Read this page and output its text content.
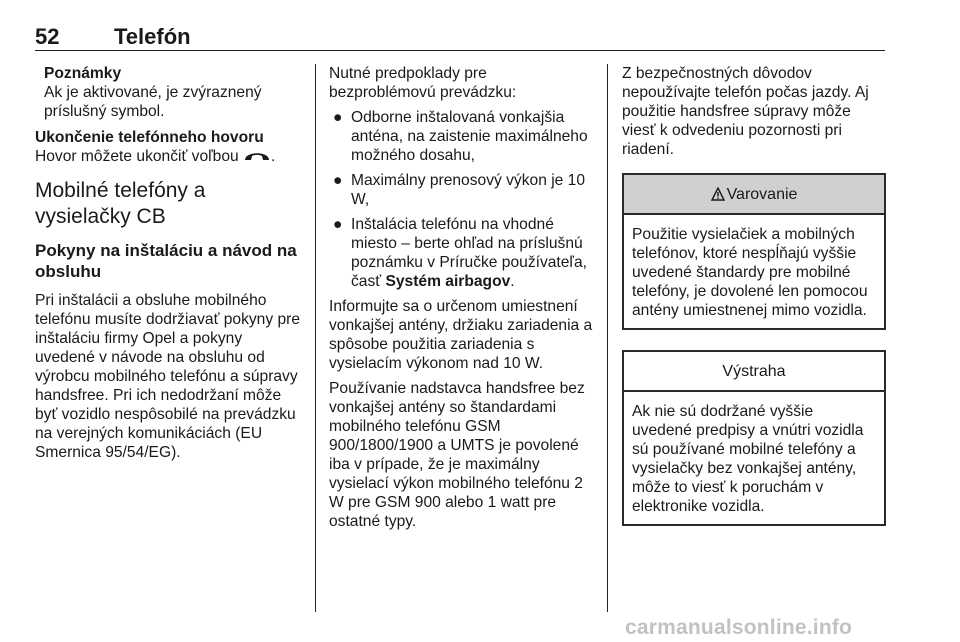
52 Telefón
Poznámky
Ak je aktivované, je zvýraznený príslušný symbol.
Ukončenie telefónneho hovoru

Hovor môžete ukončiť voľbou .

Mobilné telefóny a vysielačky CB
Pokyny na inštaláciu a návod na obsluhu

Pri inštalácii a obsluhe mobilného telefónu musíte dodržiavať pokyny pre inštaláciu firmy Opel a pokyny uvedené v návode na obsluhu od výrobcu mobilného telefónu a súpravy handsfree. Pri ich nedodržaní môže byť vozidlo nespôsobilé na prevádzku na verejných komunikáciách (EU Smernica 95/54/EG).

Nutné predpoklady pre bezproblémovú prevádzku:

● Odborne inštalovaná vonkajšia anténa, na zaistenie maximálneho možného dosahu,
● Maximálny prenosový výkon je 10 W,
● Inštalácia telefónu na vhodné miesto – berte ohľad na príslušnú poznámku v Príručke používateľa, časť Systém airbagov.

Informujte sa o určenom umiestnení vonkajšej antény, držiaku zariadenia a spôsobe použitia zariadenia s vysielacím výkonom nad 10 W.

Používanie nadstavca handsfree bez vonkajšej antény so štandardami mobilného telefónu GSM 900/1800/1900 a UMTS je povolené iba v prípade, že je maximálny vysielací výkon mobilného telefónu 2 W pre GSM 900 alebo 1 watt pre ostatné typy.

Z bezpečnostných dôvodov nepoužívajte telefón počas jazdy. Aj použitie handsfree súpravy môže viesť k odvedeniu pozornosti pri riadení.

Varovanie
Použitie vysielačiek a mobilných telefónov, ktoré nespĺňajú vyššie uvedené štandardy pre mobilné telefóny, je dovolené len pomocou antény umiestnenej mimo vozidla.
Výstraha
Ak nie sú dodržané vyššie uvedené predpisy a vnútri vozidla sú používané mobilné telefóny a vysielačky bez vonkajšej antény, môže to viesť k poruchám v elektronike vozidla.
carmanualsonline.info
